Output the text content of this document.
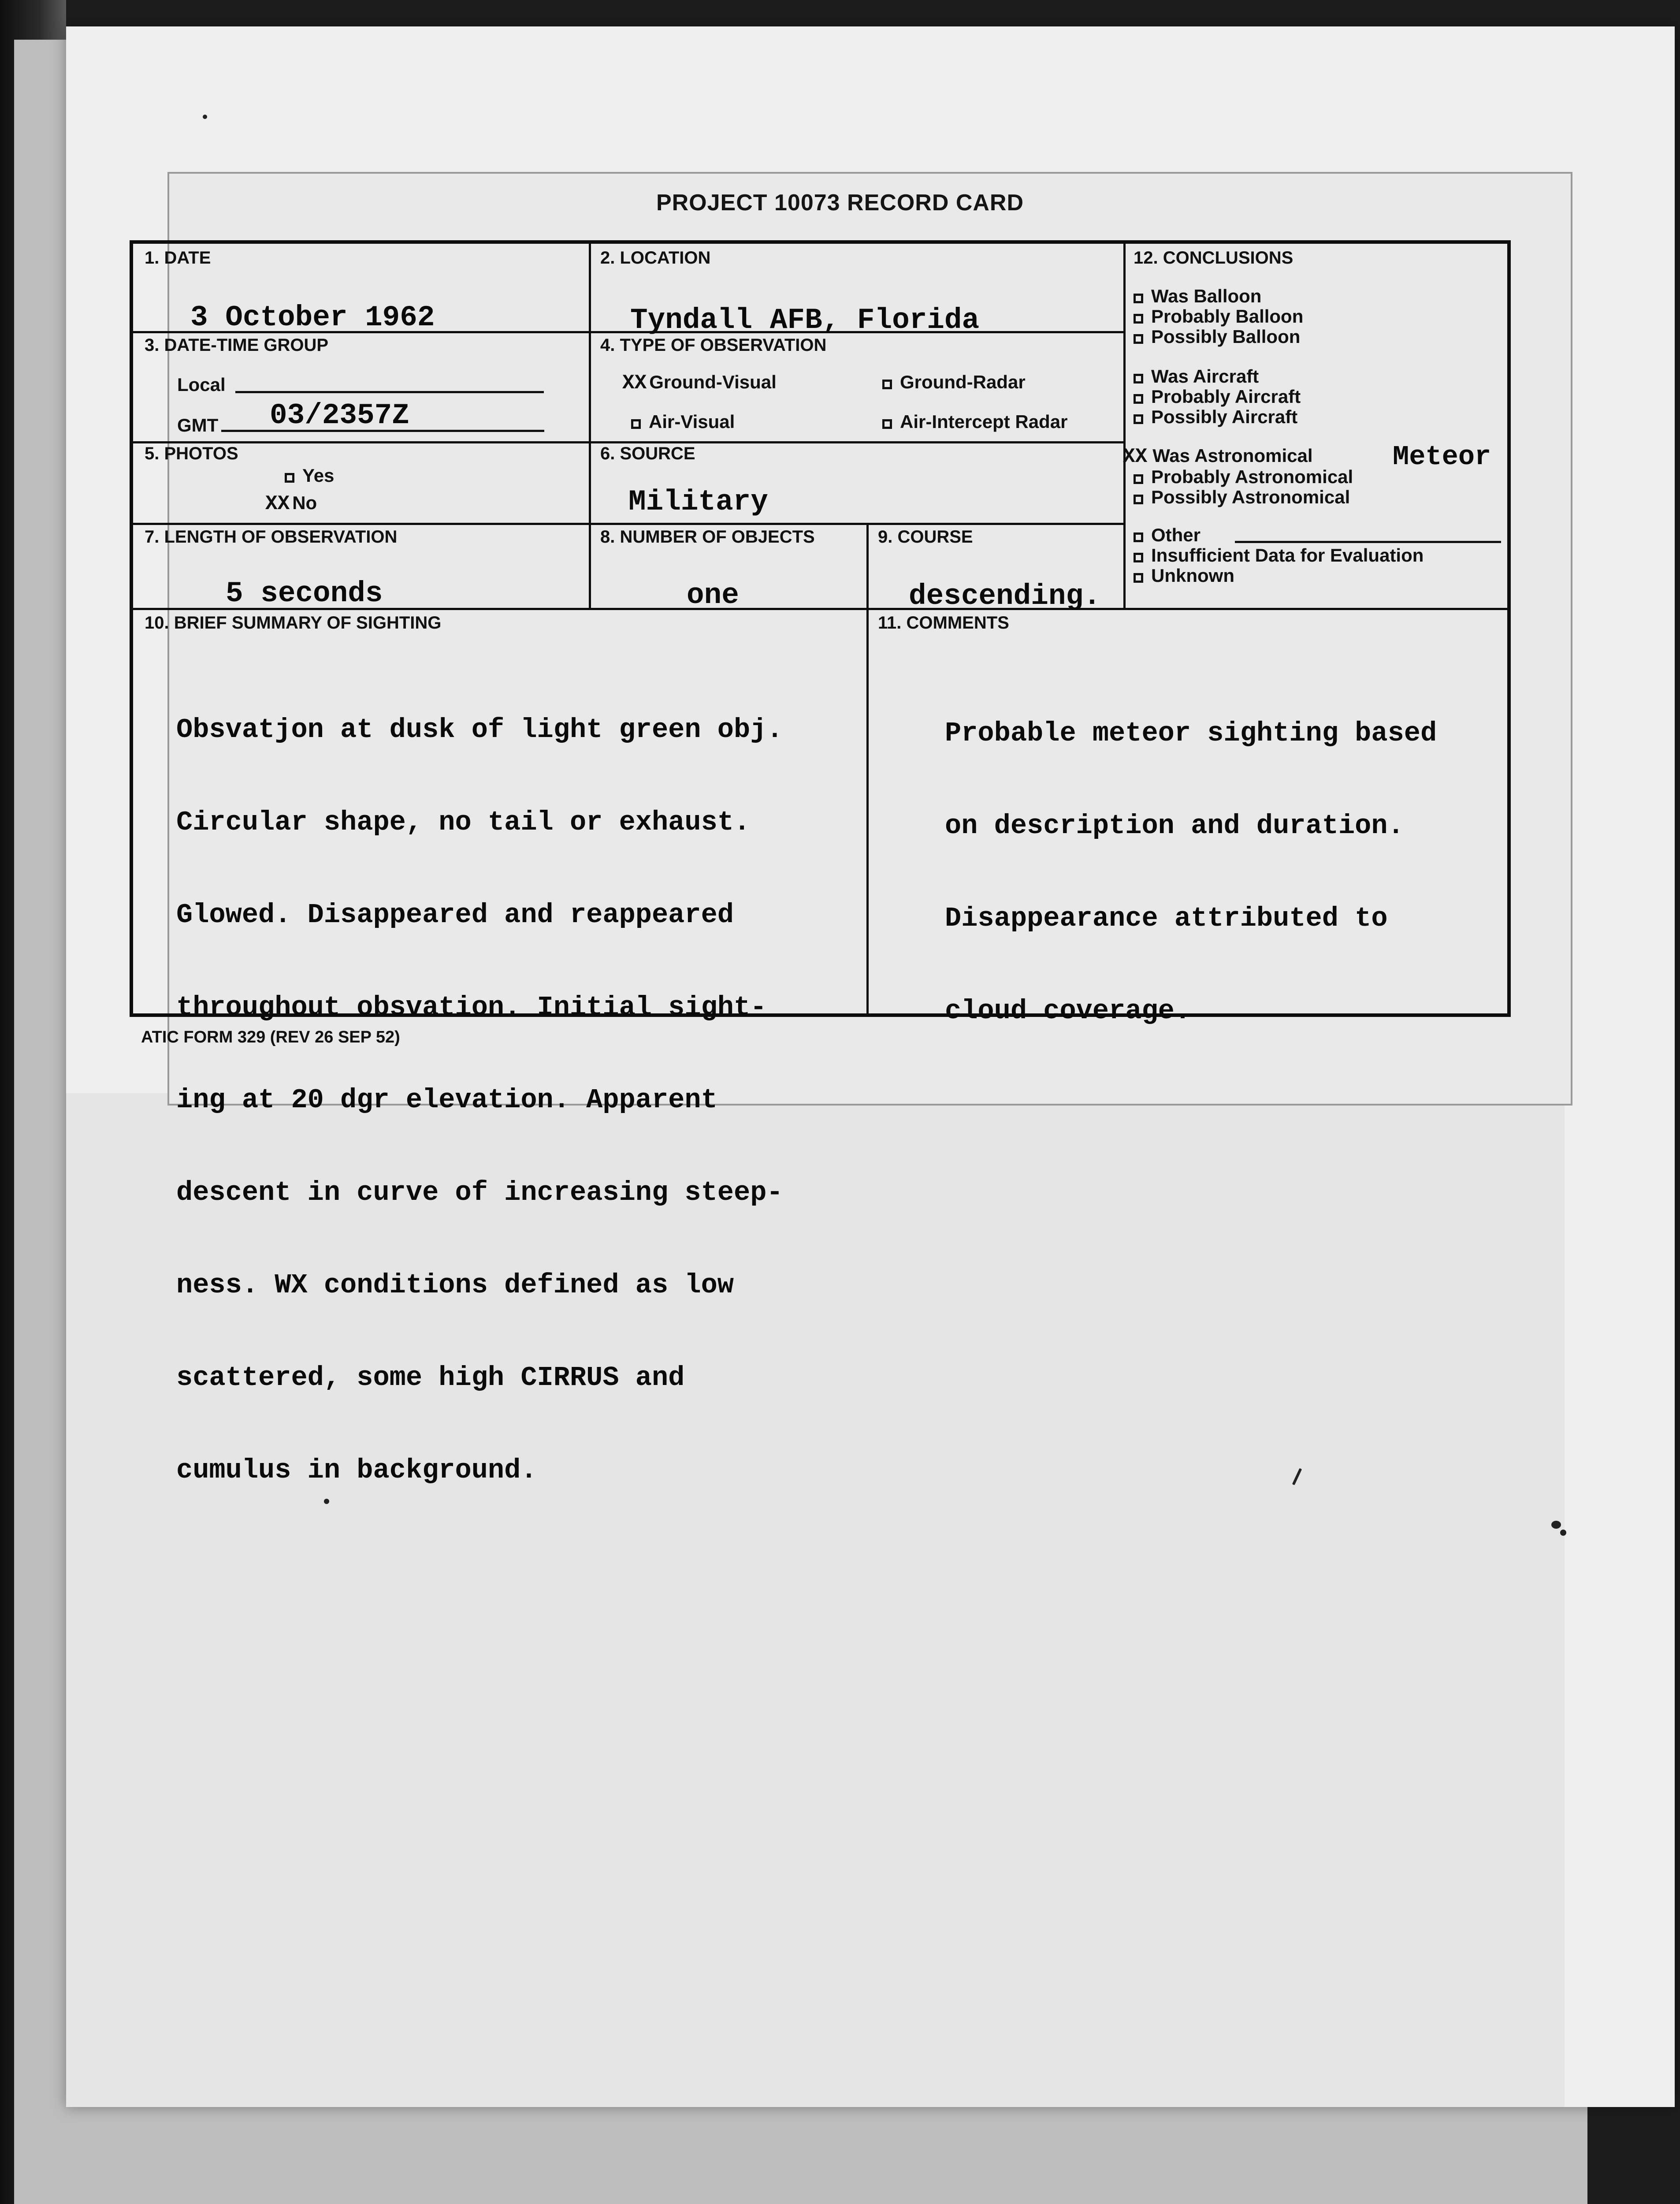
PROJECT 10073 RECORD CARD
1. DATE
3 October 1962
2. LOCATION
Tyndall AFB, Florida
3. DATE-TIME GROUP
Local
GMT 03/2357Z
4. TYPE OF OBSERVATION
XX Ground-Visual	Ground-Radar
Air-Visual	Air-Intercept Radar
5. PHOTOS
Yes
XX No
6. SOURCE
Military
7. LENGTH OF OBSERVATION
5 seconds
8. NUMBER OF OBJECTS
one
9. COURSE
descending.
10. BRIEF SUMMARY OF SIGHTING

Obsvatjon at dusk of light green obj.

Circular shape, no tail or exhaust.

Glowed. Disappeared and reappeared

throughout obsvation. Initial sight-

ing at 20 dgr elevation. Apparent

descent in curve of increasing steep-

ness. WX conditions defined as low

scattered, some high CIRRUS and

cumulus in background.

11. COMMENTS

Probable meteor sighting based

on description and duration.

Disappearance attributed to

cloud coverage.

12. CONCLUSIONS
Was Balloon
Probably Balloon
Possibly Balloon
Was Aircraft
Probably Aircraft
Possibly Aircraft
XX Was Astronomical
Probably Astronomical
Possibly Astronomical
Meteor
Other
Insufficient Data for Evaluation
Unknown
ATIC FORM 329 (REV 26 SEP 52)
